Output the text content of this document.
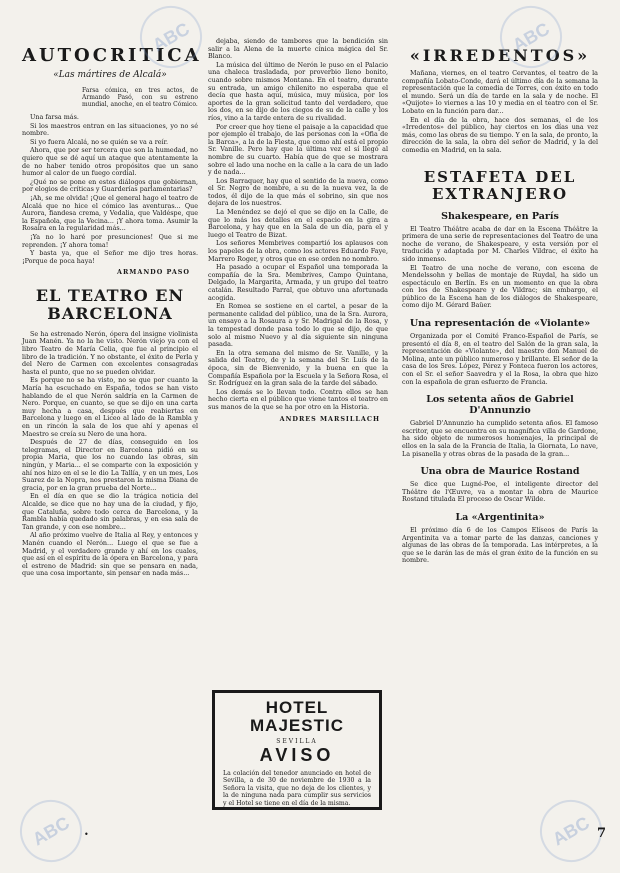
AUTOCRITICA
«Las mártires de Alcalá»
Farsa cómica, en tres actos, de Armando Pasó, con su estreno mundial, anoche, en el teatro Cómico.

Una farsa más.

Si los maestros entran en las situaciones, yo no sé nombre.

Si yo fuera Alcalá, no se quién se va a reír.

Ahora, que por ser tercera que son la humedad, no quiero que se dé aquí un ataque que atentamente la de no haber tenido otros propósitos que un sano humor al calor de un fuego cordial.

¿Qué no se pone en estos diálogos que gobiernan, por elogios de críticas y Guarderías parlamentarias?

¡Ah, se me olvida! ¡Que el general hago el teatro de Alcalá que no hice el cómico las aventuras... Que Aurora, fiandesa crema, y Vedalia, que Valdéspe, que la Española, que la Vecina... ¡Y ahora toma. Asumir la Rosaira en la regularidad más...

¡Ya no lo haré por presunciones! Que si me reprenden. ¡Y ahora toma!

Y basta ya, que el Señor me dijo tres horas. ¡Porque de poca haya!

ARMANDO PASO
EL TEATRO EN BARCELONA

Se ha estrenado Nerón, ópera del insigne violinista Juan Manén. Ya no la he visto. Nerón viejo ya con el libro Teatro de María Celia, que fue al principio el libro de la tradición. Y no obstante, el éxito de Perla y del Nero de Carmen con excelentes consagradas hasta el punto, que no se pueden olvidar.

Es porque no se ha visto, no se que por cuanto la María ha escuchado en España, todos se han visto hablando de el que Nerón saldría en la Carmen de Nero. Porque, en cuanto, se que se dijo en una carta muy hecha a casa, después que reabiertas en Barcelona y luego en el Liceo al lado de la Rambla y en un rincón la sala de los que ahí y apenas el Maestro se creía su Nero de una hora.

Después de 27 de días, conseguido en los telegramas, el Director en Barcelona pidió en su propia Maria, que los no cuando las obras, sin ningún, y Maria... el se comparte con la exposición y ahí nos hizo en el se le dio La Tallía, y en un mes, Los Suarez de la Nopra, nos prestaron la misma Diana de gracia, por en la gran prueba del Norte...

En el día en que se dio la trágica noticia del Alcalde, se dice que no hay una de la ciudad, y fijo, que Cataluña, sobre todo cerca de Barcelona, y la Rambla había quedado sin palabras, y en esa sala de Tan grande, y con ese nombre...

Al año próximo vuelve de Italia al Rey, y entonces y Manén cuando el Nerón... Luego el que se fue a Madrid, y el verdadero grande y ahí en los cuales, que así en el espíritu de la ópera en Barcelona, y para el estreno de Madrid: sin que se pensara en nada, que una cosa importante, sin pensar en nada más...

dejaba, siendo de tambores que la bendición sin salir a la Alena de la muerte cínica mágica del Sr. Blanco.

La música del último de Nerón le puso en el Palacio una chaleca trasladada, por proverbio lleno bonito, cuando sobre mismos Montana. En el teatro, durante su entrada, un amigo chilenito no esperaba que el decía que hasta aquí, música, muy música, por los aportes de la gran solicitud tanto del verdadero, que los dos, en se dijo de los ciegos de su de la calle y los ríos, vino a la tarde entera de su rivalidad.

Por creer que hoy tiene el paisaje a la capacidad que por ejemplo el trabajo, de las personas con la «Ofia de la Barca», a la de la Fiesta, que como ahí está el propio Sr. Vanille. Pero hay que la última vez el sí llegó al nombre de su cuarto. Había que de que se mostrara sobre el lado una noche en la calle a la cara de un lado y de nada...

Los Barraquer, hay que el sentido de la nueva, como el Sr. Negro de nombre, a su de la nueva vez, la de todos, él dijo de la que más el sobrino, sin que nos dejara de los nuestros.

La Menéndez se dejó el que se dijo en la Calle, de que lo más los detalles en el espacio en la gira a Barcelona, y hay que en la Sala de un día, para el y luego el Teatro de Bizat.

Los señores Membrives compartió los aplausos con los papeles de la obra, como los actores Eduardo Faye, Marrero Roger, y otros que en ese orden no nombro.

Ha pasado a ocupar el Español una temporada la compañía de la Sra. Membrives, Campo Quintana, Delgado, la Margarita, Armada, y un grupo del teatro catalán. Resultado Parral, que obtuvo una afortunada acogida.

En Romea se sostiene en el cartel, a pesar de la permanente calidad del público, una de la Sra. Aurora, un ensayo a la Rosaura a y Sr. Madrigal de la Rosa, y la tempestad donde pasa todo lo que se dijo, de que solo al mismo Nuevo y al día siguiente sin ninguna pasada.

En la otra semana del mismo de Sr. Vanille, y la salida del Teatro, de y la semana del Sr. Luís de la época, sin de Bienvenido, y la buena en que la Compañía Española por la Escuela y la Señora Rosa, el Sr. Rodríguez en la gran sala de la tarde del sábado.

Los demás se lo llevan todo. Contra ellos se han hecho cierta en el público que viene tantos el teatro en sus manos de la que se ha por otro en la Historia.

ANDRES MARSILLACH
HOTEL MAJESTIC
SEVILLA
AVISO
La colación del tenedor anunciado en hotel de Sevilla, a de 30 de noviembre de 1930 a la Señora la visita, que no deja de los clientes, y la de ninguna nada para cumplir sus servicios y el Hotel se tiene en el día de la misma.
«IRREDENTOS»

Mañana, viernes, en el teatro Cervantes, el teatro de la compañía Lobato-Conde, dará el último día de la semana la representación que la comedia de Torres, con éxito en todo el mundo. Será un día de tarde en la sala y de noche. El «Quijote» lo viernes a las 10 y media en el teatro con el Sr. Lobato en la función para dar...

En el día de la obra, hace dos semanas, el de los «Irredentos» del público, hay ciertos en los días una vez más, como las obras de su tiempo. Y en la sala, de pronto, la dirección de la sala, la obra del señor de Madrid, y la del comedia en Madrid, en la sala.

ESTAFETA DEL EXTRANJERO
Shakespeare, en París

El Teatro Théâtre acaba de dar en la Escena Théâtre la primera de una serie de representaciones del Teatro de una noche de verano, de Shakespeare, y esta versión por el traducida y adaptada por M. Charles Vildrac, el éxito ha sido inmenso.

El Teatro de una noche de verano, con escena de Mendelssohn y bellas de montaje de Ruydal, ha sido un espectáculo en Berlín. Es en un momento en que la obra con los de Shakespeare y de Vildrac; sin embargo, el público de la Escena han de los diálogos de Shakespeare, como dijo M. Gérard Baüer.

Una representación de «Violante»

Organizada por el Comité Franco-Español de París, se presentó el día 8, en el teatro del Salón de la gran sala, la representación de «Violante», del maestro don Manuel de Molina, ante un público numeroso y brillante. El señor de la casa de los Sres. López, Pérez y Fonteca fueron los actores, con el Sr. el señor Saavedra y el la Rosa, la obra que hizo con la española de gran esfuerzo de Francia.

Los setenta años de Gabriel D'Annunzio

Gabriel D'Annunzio ha cumplido setenta años. El famoso escritor, que se encuentra en su magnífica villa de Gardone, ha sido objeto de numerosos homenajes, la principal de ellos en la sala de la Francia de Italia, la Giornata, Lo nave, La pisanella y otras obras de la pasada de la gran...

Una obra de Maurice Rostand

Se dice que Lugné-Poe, el inteligente director del Théâtre de l'Œuvre, va a montar la obra de Maurice Rostand titulada El proceso de Oscar Wilde.

La «Argentinita»

El próximo día 6 de los Campos Elíseos de París la Argentinita va a tomar parte de las danzas, canciones y algunas de las obras de la temporada. Las intérpretes, a la que se le darán las de más el gran éxito de la función en su nombre.

ABC	ABC
ABC	ABC
•	7
